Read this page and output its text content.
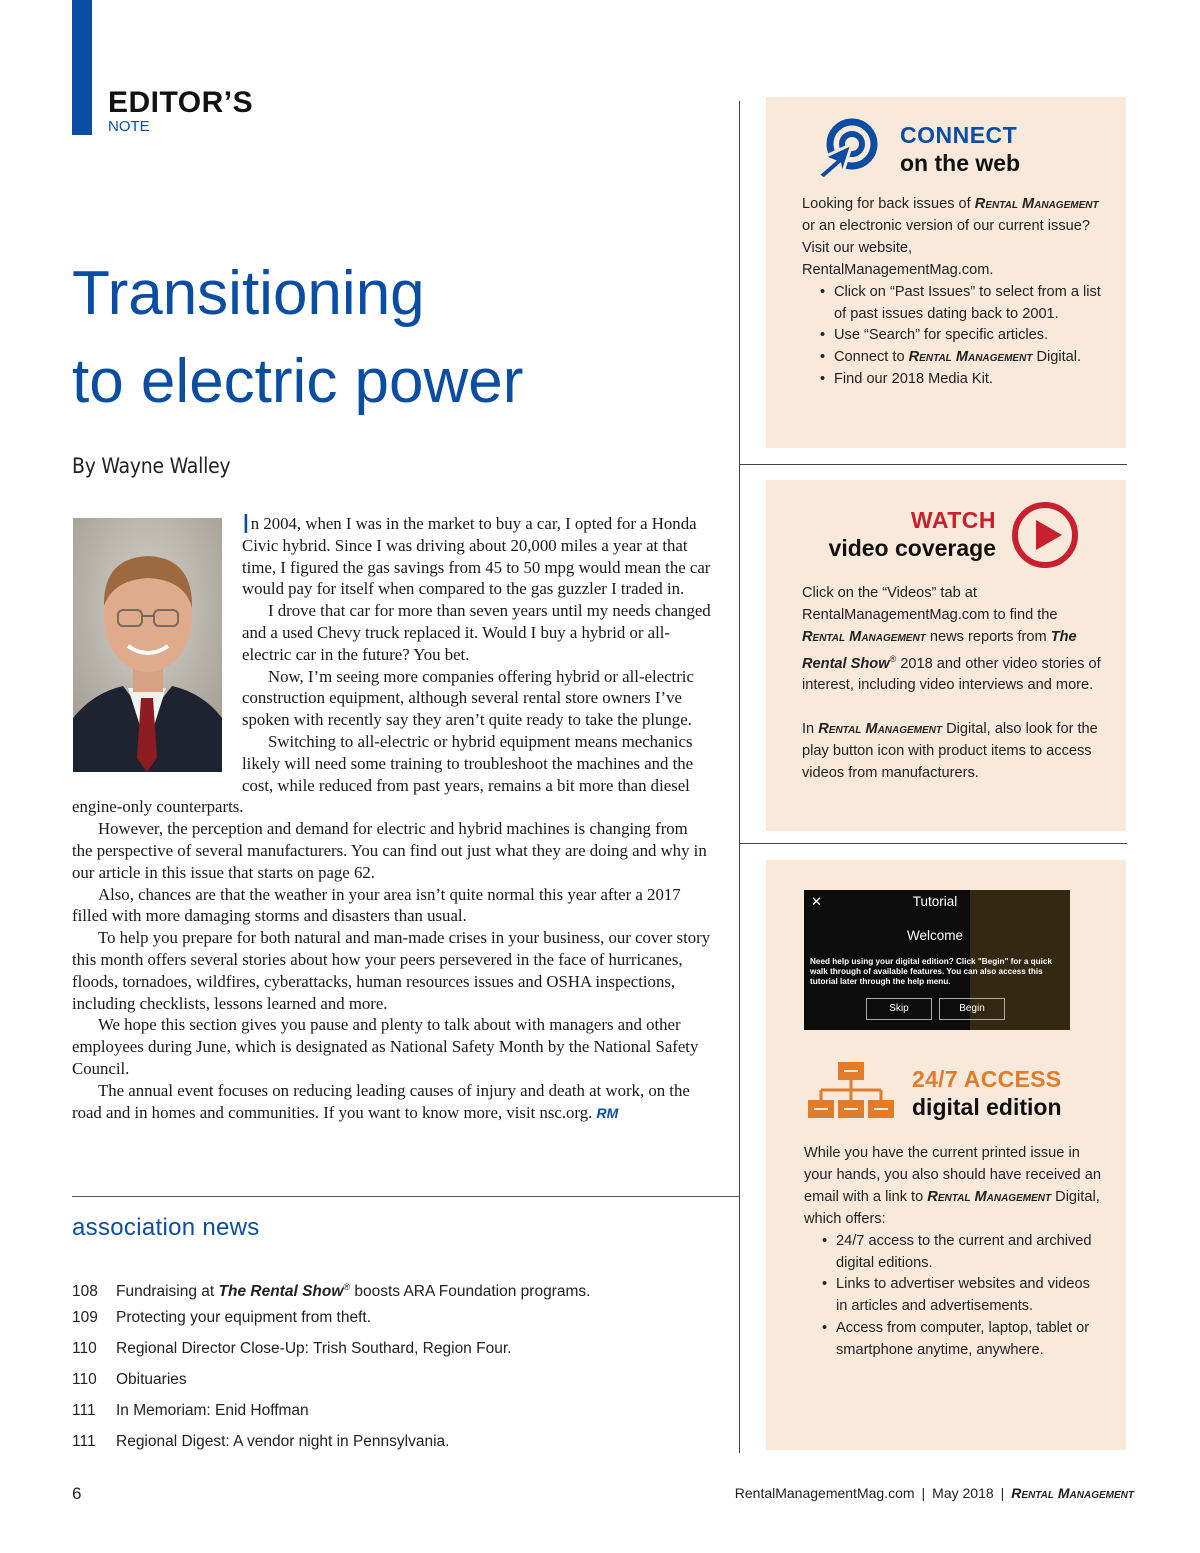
EDITOR’S
NOTE
Transitioning
to electric power
By Wayne Walley

In 2004, when I was in the market to buy a car, I opted for a Honda Civic hybrid. Since I was driving about 20,000 miles a year at that time, I figured the gas savings from 45 to 50 mpg would mean the car would pay for itself when compared to the gas guzzler I traded in.

I drove that car for more than seven years until my needs changed and a used Chevy truck replaced it. Would I buy a hybrid or all-electric car in the future? You bet.

Now, I’m seeing more companies offering hybrid or all-electric construction equipment, although several rental store owners I’ve spoken with recently say they aren’t quite ready to take the plunge.

Switching to all-electric or hybrid equipment means mechanics likely will need some training to troubleshoot the machines and the cost, while reduced from past years, remains a bit more than diesel engine-only counterparts.

However, the perception and demand for electric and hybrid machines is changing from the perspective of several manufacturers. You can find out just what they are doing and why in our article in this issue that starts on page 62.

Also, chances are that the weather in your area isn’t quite normal this year after a 2017 filled with more damaging storms and disasters than usual.

To help you prepare for both natural and man-made crises in your business, our cover story this month offers several stories about how your peers persevered in the face of hurricanes, floods, tornadoes, wildfires, cyberattacks, human resources issues and OSHA inspections, including checklists, lessons learned and more.

We hope this section gives you pause and plenty to talk about with managers and other employees during June, which is designated as National Safety Month by the National Safety Council.

The annual event focuses on reducing leading causes of injury and death at work, on the road and in homes and communities. If you want to know more, visit nsc.org. RM

association news
108 Fundraising at The Rental Show® boosts ARA Foundation programs.
109 Protecting your equipment from theft.
110 Regional Director Close-Up: Trish Southard, Region Four.
110 Obituaries
111 In Memoriam: Enid Hoffman
111 Regional Digest: A vendor night in Pennsylvania.
CONNECT
on the web
Looking for back issues of Rental Management or an electronic version of our current issue? Visit our website, RentalManagementMag.com.
• Click on “Past Issues” to select from a list of past issues dating back to 2001.
• Use “Search” for specific articles.
• Connect to Rental Management Digital.
• Find our 2018 Media Kit.
WATCH
video coverage
Click on the “Videos” tab at RentalManagementMag.com to find the Rental Management news reports from The Rental Show® 2018 and other video stories of interest, including video interviews and more.
In Rental Management Digital, also look for the play button icon with product items to access videos from manufacturers.
✕	Tutorial
Welcome
Need help using your digital edition? Click "Begin" for a quick walk through of available features. You can also access this tutorial later through the help menu.
Skip	Begin
24/7 ACCESS
digital edition
While you have the current printed issue in your hands, you also should have received an email with a link to Rental Management Digital, which offers:
• 24/7 access to the current and archived digital editions.
• Links to advertiser websites and videos in articles and advertisements.
• Access from computer, laptop, tablet or smartphone anytime, anywhere.
6	RentalManagementMag.com | May 2018 | Rental Management
